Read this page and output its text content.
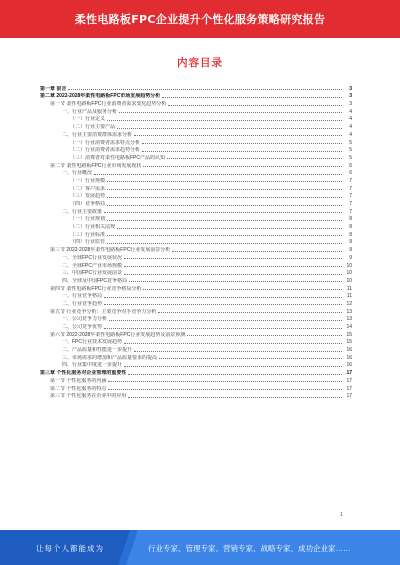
柔性电路板FPC企业提升个性化服务策略研究报告
内容目录
第一章 前言	3
第二章 2022-2028年柔性电路板FPC市场发展趋势分析	3
第一节 柔性电路板FPC行业消费者需求变化趋势分析	3
一、行业产品及服务分析	4
（一）行业定义	4
（二）行业主要产品	4
二、行业主要消费群体需求分析	4
（一）行业消费者需求特点分析	5
（二）行业消费者需求趋势分析	5
（三）消费者对柔性电路板FPC产品的认知	5
第二节 柔性电路板FPC行业市场发展现状	6
一、行业概况	6
（一）行业规模	7
（二）客户需求	7
（三）发展趋势	7
（四）竞争格局	7
二、行业主要政策	7
（一）行业规划	8
（二）行业相关法规	8
（三）行业标准	8
（四）行业监管	9
第三节 2022-2028年柔性电路板FPC行业发展前景分析	9
一、全球FPC行业发展状况	9
二、全球FPC产业市场规模	10
三、中国FPC行业发展前景	10
四、全球及中国FPC竞争格局	10
第四节 柔性电路板FPC行业竞争格局分析	11
一、行业竞争格局	11
二、行业竞争趋势	12
第五节 行业竞争分析：主要竞争对手竞争力分析	13
一、公司竞争力分析	13
二、公司竞争优势	14
第六节 2022-2028年柔性电路板FPC行业发展趋势及前景预测	15
一、FPC行业技术发展趋势	15
二、产品质量和性能进一步提升	16
三、市场需求的增加和产品质量要求的提高	16
四、行业集中度进一步提升	16
第三章 个性化服务对企业管理的重要性	17
第一节 个性化服务的内涵	17
第二节 个性化服务的特点	17
第三节 个性化服务在企业中的应用	17
1
让每个人都能成为	行业专家、管理专家、营销专家、战略专家、成功企业家……
